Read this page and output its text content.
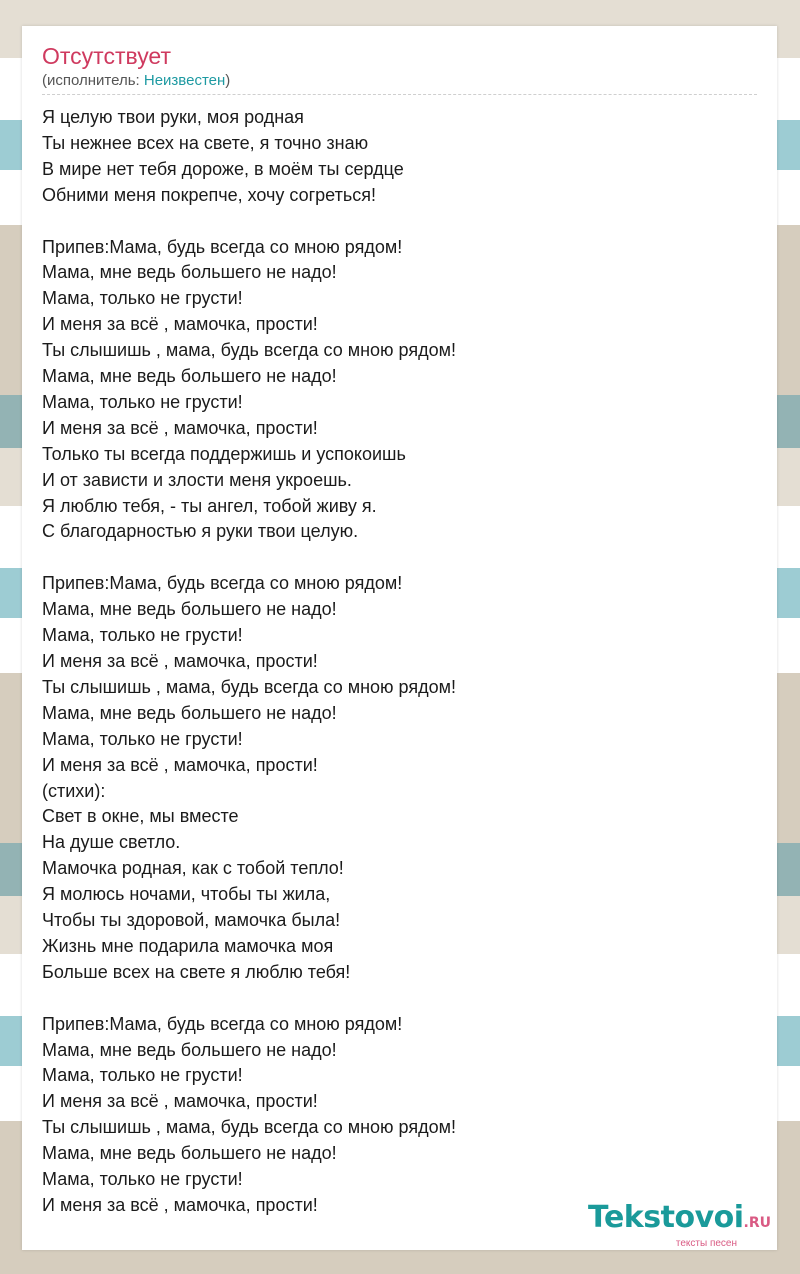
Отсутствует
(исполнитель: Неизвестен)
Я целую твои руки, моя родная
Ты нежнее всех на свете, я точно знаю
В мире нет тебя дороже, в моём ты сердце
Обними меня покрепче, хочу согреться!
Припев:Мама, будь всегда со мною рядом!
Мама, мне ведь большего не надо!
Мама, только не грусти!
И меня за всё , мамочка, прости!
Ты слышишь , мама, будь всегда со мною рядом!
Мама, мне ведь большего не надо!
Мама, только не грусти!
И меня за всё , мамочка, прости!
Только ты всегда поддержишь и успокоишь
И от зависти и злости меня укроешь.
Я люблю тебя, - ты ангел, тобой живу я.
С благодарностью я руки твои целую.
Припев:Мама, будь всегда со мною рядом!
Мама, мне ведь большего не надо!
Мама, только не грусти!
И меня за всё , мамочка, прости!
Ты слышишь , мама, будь всегда со мною рядом!
Мама, мне ведь большего не надо!
Мама, только не грусти!
И меня за всё , мамочка, прости!
(стихи):
Свет в окне, мы вместе
На душе светло.
Мамочка родная, как с тобой тепло!
Я молюсь ночами, чтобы ты жила,
Чтобы ты здоровой, мамочка была!
Жизнь мне подарила мамочка моя
Больше всех на свете я люблю тебя!
Припев:Мама, будь всегда со мною рядом!
Мама, мне ведь большего не надо!
Мама, только не грусти!
И меня за всё , мамочка, прости!
Ты слышишь , мама, будь всегда со мною рядом!
Мама, мне ведь большего не надо!
Мама, только не грусти!
И меня за всё , мамочка, прости!	Tekstovoi.RU
тексты песен
